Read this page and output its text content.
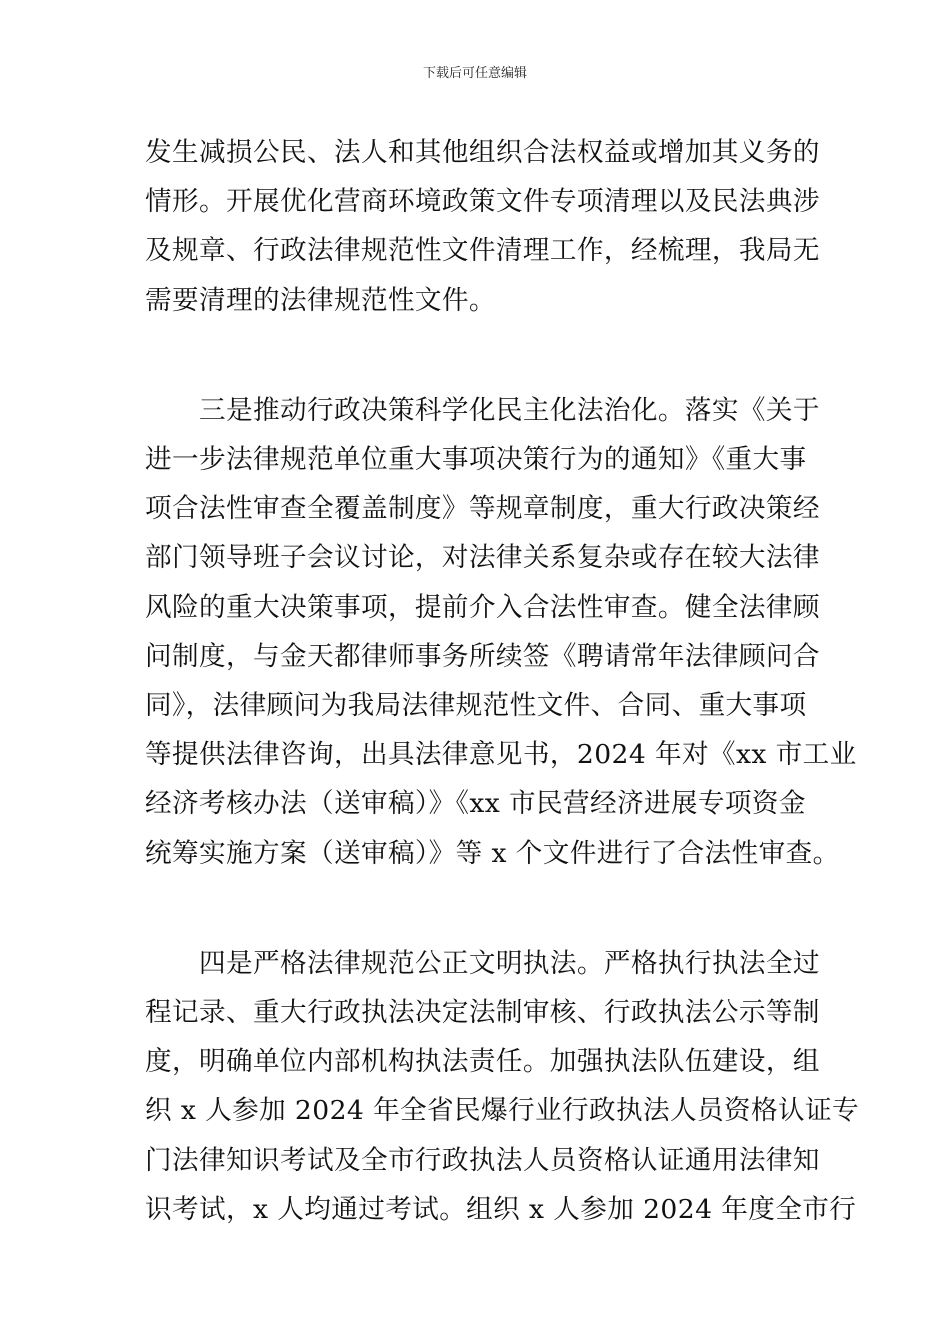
下载后可任意编辑

发生减损公民、法人和其他组织合法权益或增加其义务的
情形。开展优化营商环境政策文件专项清理以及民法典涉
及规章、行政法律规范性文件清理工作，经梳理，我局无
需要清理的法律规范性文件。

　　三是推动行政决策科学化民主化法治化。落实《关于
进一步法律规范单位重大事项决策行为的通知》《重大事
项合法性审查全覆盖制度》等规章制度，重大行政决策经
部门领导班子会议讨论，对法律关系复杂或存在较大法律
风险的重大决策事项，提前介入合法性审查。健全法律顾
问制度，与金天都律师事务所续签《聘请常年法律顾问合
同》，法律顾问为我局法律规范性文件、合同、重大事项
等提供法律咨询，出具法律意见书，2024 年对《xx 市工业
经济考核办法（送审稿）》《xx 市民营经济进展专项资金
统筹实施方案（送审稿）》等 x 个文件进行了合法性审查。

　　四是严格法律规范公正文明执法。严格执行执法全过
程记录、重大行政执法决定法制审核、行政执法公示等制
度，明确单位内部机构执法责任。加强执法队伍建设，组
织 x 人参加 2024 年全省民爆行业行政执法人员资格认证专
门法律知识考试及全市行政执法人员资格认证通用法律知
识考试，x 人均通过考试。组织 x 人参加 2024 年度全市行
